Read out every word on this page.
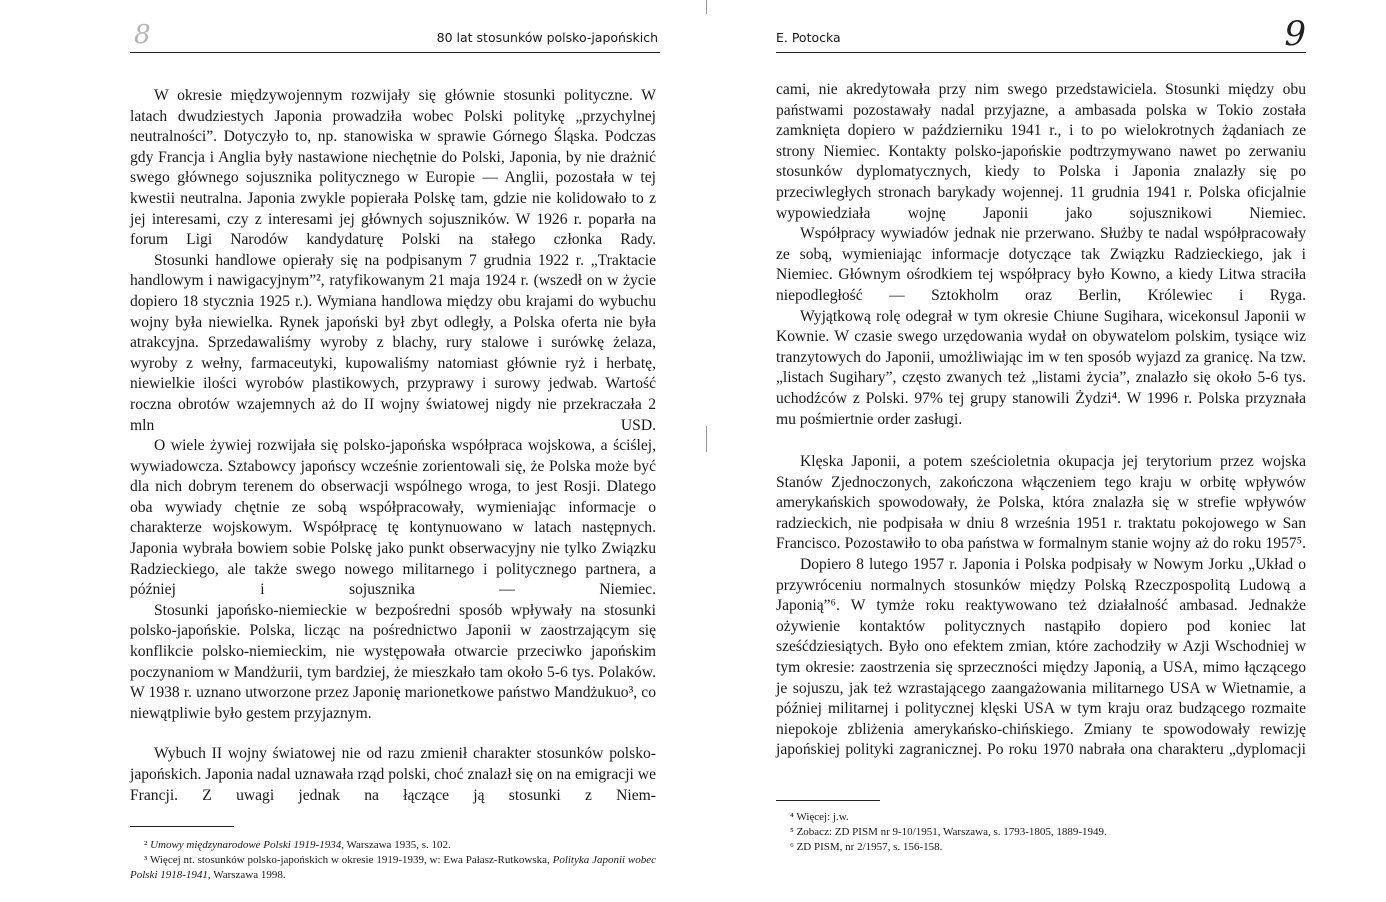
8	80 lat stosunków polsko-japońskich

W okresie międzywojennym rozwijały się głównie stosunki polityczne. W latach dwudziestych Japonia prowadziła wobec Polski politykę „przychylnej neutralności”. Dotyczyło to, np. stanowiska w sprawie Górnego Śląska. Podczas gdy Francja i Anglia były nastawione niechętnie do Polski, Japonia, by nie drażnić swego głównego sojusznika politycznego w Europie — Anglii, pozostała w tej kwestii neutralna. Japonia zwykle popierała Polskę tam, gdzie nie kolidowało to z jej interesami, czy z interesami jej głównych sojuszników. W 1926 r. poparła na forum Ligi Narodów kandydaturę Polski na stałego członka Rady.

Stosunki handlowe opierały się na podpisanym 7 grudnia 1922 r. „Traktacie handlowym i nawigacyjnym”², ratyfikowanym 21 maja 1924 r. (wszedł on w życie dopiero 18 stycznia 1925 r.). Wymiana handlowa między obu krajami do wybuchu wojny była niewielka. Rynek japoński był zbyt odległy, a Polska oferta nie była atrakcyjna. Sprzedawaliśmy wyroby z blachy, rury stalowe i surówkę żelaza, wyroby z wełny, farmaceutyki, kupowaliśmy natomiast głównie ryż i herbatę, niewielkie ilości wyrobów plastikowych, przyprawy i surowy jedwab. Wartość roczna obrotów wzajemnych aż do II wojny światowej nigdy nie przekraczała 2 mln USD.

O wiele żywiej rozwijała się polsko-japońska współpraca wojskowa, a ściślej, wywiadowcza. Sztabowcy japońscy wcześnie zorientowali się, że Polska może być dla nich dobrym terenem do obserwacji wspólnego wroga, to jest Rosji. Dlatego oba wywiady chętnie ze sobą współpracowały, wymieniając informacje o charakterze wojskowym. Współpracę tę kontynuowano w latach następnych. Japonia wybrała bowiem sobie Polskę jako punkt obserwacyjny nie tylko Związku Radzieckiego, ale także swego nowego militarnego i politycznego partnera, a później i sojusznika — Niemiec.

Stosunki japońsko-niemieckie w bezpośredni sposób wpływały na stosunki polsko-japońskie. Polska, licząc na pośrednictwo Japonii w zaostrzającym się konflikcie polsko-niemieckim, nie występowała otwarcie przeciwko japońskim poczynaniom w Mandżurii, tym bardziej, że mieszkało tam około 5-6 tys. Polaków. W 1938 r. uznano utworzone przez Japonię marionetkowe państwo Mandżukuo³, co niewątpliwie było gestem przyjaznym.

Wybuch II wojny światowej nie od razu zmienił charakter stosunków polsko-japońskich. Japonia nadal uznawała rząd polski, choć znalazł się on na emigracji we Francji. Z uwagi jednak na łączące ją stosunki z Niem-

² Umowy międzynarodowe Polski 1919-1934, Warszawa 1935, s. 102.

³ Więcej nt. stosunków polsko-japońskich w okresie 1919-1939, w: Ewa Pałasz-Rutkowska, Polityka Japonii wobec Polski 1918-1941, Warszawa 1998.

E. Potocka	9

cami, nie akredytowała przy nim swego przedstawiciela. Stosunki między obu państwami pozostawały nadal przyjazne, a ambasada polska w Tokio została zamknięta dopiero w październiku 1941 r., i to po wielokrotnych żądaniach ze strony Niemiec. Kontakty polsko-japońskie podtrzymywano nawet po zerwaniu stosunków dyplomatycznych, kiedy to Polska i Japonia znalazły się po przeciwległych stronach barykady wojennej. 11 grudnia 1941 r. Polska oficjalnie wypowiedziała wojnę Japonii jako sojusznikowi Niemiec.

Współpracy wywiadów jednak nie przerwano. Służby te nadal współpracowały ze sobą, wymieniając informacje dotyczące tak Związku Radzieckiego, jak i Niemiec. Głównym ośrodkiem tej współpracy było Kowno, a kiedy Litwa straciła niepodległość — Sztokholm oraz Berlin, Królewiec i Ryga.

Wyjątkową rolę odegrał w tym okresie Chiune Sugihara, wicekonsul Japonii w Kownie. W czasie swego urzędowania wydał on obywatelom polskim, tysiące wiz tranzytowych do Japonii, umożliwiając im w ten sposób wyjazd za granicę. Na tzw. „listach Sugihary”, często zwanych też „listami życia”, znalazło się około 5-6 tys. uchodźców z Polski. 97% tej grupy stanowili Żydzi⁴. W 1996 r. Polska przyznała mu pośmiertnie order zasługi.

Klęska Japonii, a potem sześcioletnia okupacja jej terytorium przez wojska Stanów Zjednoczonych, zakończona włączeniem tego kraju w orbitę wpływów amerykańskich spowodowały, że Polska, która znalazła się w strefie wpływów radzieckich, nie podpisała w dniu 8 września 1951 r. traktatu pokojowego w San Francisco. Pozostawiło to oba państwa w formalnym stanie wojny aż do roku 1957⁵.

Dopiero 8 lutego 1957 r. Japonia i Polska podpisały w Nowym Jorku „Układ o przywróceniu normalnych stosunków między Polską Rzeczpospolitą Ludową a Japonią”⁶. W tymże roku reaktywowano też działalność ambasad. Jednakże ożywienie kontaktów politycznych nastąpiło dopiero pod koniec lat sześćdziesiątych. Było ono efektem zmian, które zachodziły w Azji Wschodniej w tym okresie: zaostrzenia się sprzeczności między Japonią, a USA, mimo łączącego je sojuszu, jak też wzrastającego zaangażowania militarnego USA w Wietnamie, a później militarnej i politycznej klęski USA w tym kraju oraz budzącego rozmaite niepokoje zbliżenia amerykańsko-chińskiego. Zmiany te spowodowały rewizję japońskiej polityki zagranicznej. Po roku 1970 nabrała ona charakteru „dyplomacji

⁴ Więcej: j.w.

⁵ Zobacz: ZD PISM nr 9-10/1951, Warszawa, s. 1793-1805, 1889-1949.

⁶ ZD PISM, nr 2/1957, s. 156-158.
